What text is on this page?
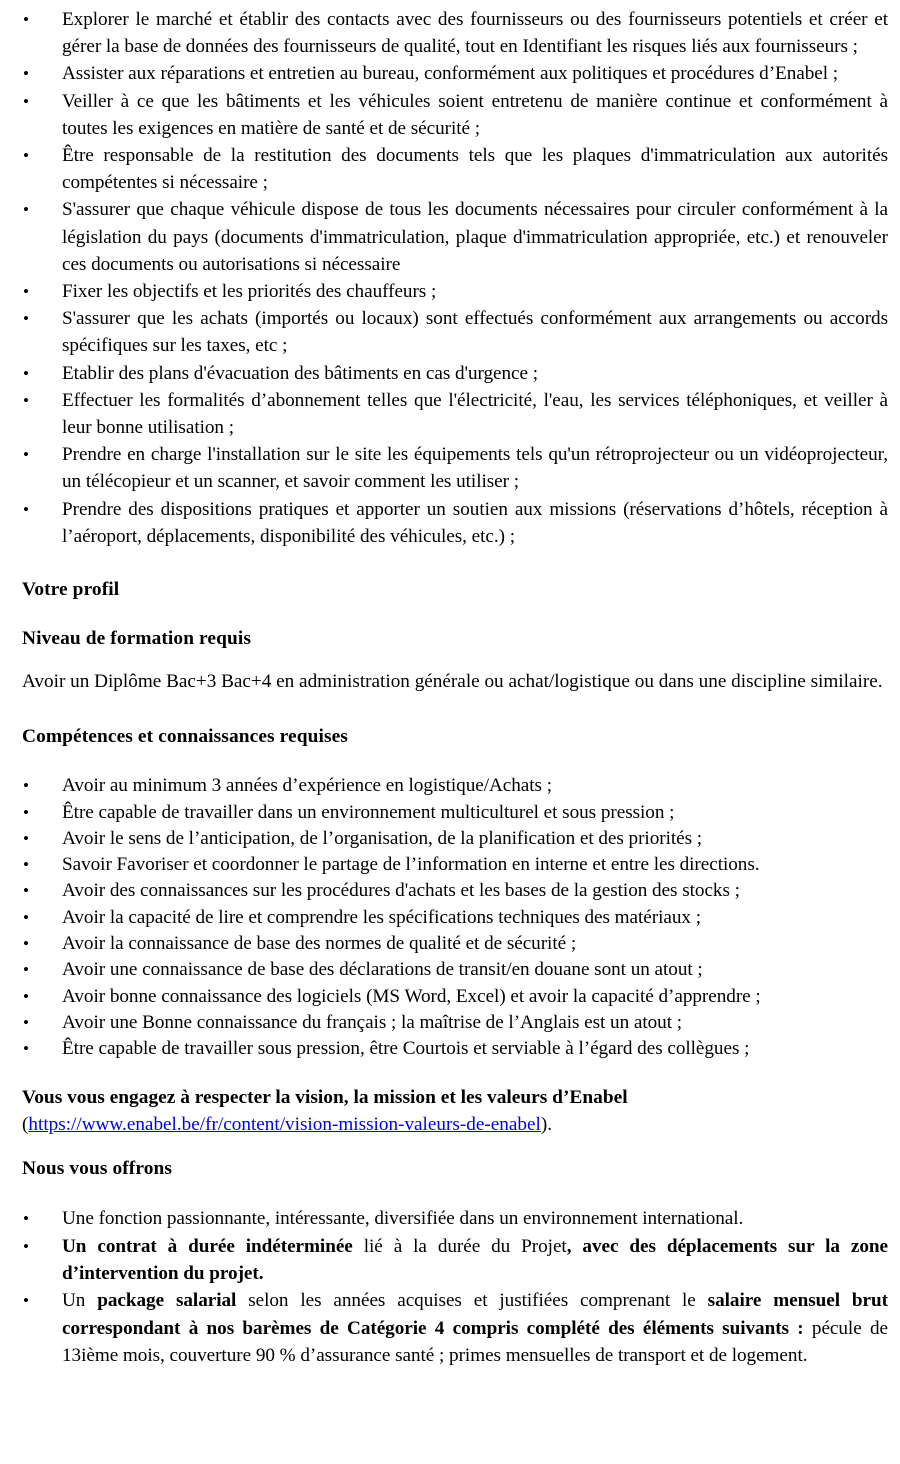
• Explorer le marché et établir des contacts avec des fournisseurs ou des fournisseurs potentiels et créer et gérer la base de données des fournisseurs de qualité, tout en Identifiant les risques liés aux fournisseurs ;
• Assister aux réparations et entretien au bureau, conformément aux politiques et procédures d’Enabel ;
• Veiller à ce que les bâtiments et les véhicules soient entretenu de manière continue et conformément à toutes les exigences en matière de santé et de sécurité ;
• Être responsable de la restitution des documents tels que les plaques d'immatriculation aux autorités compétentes si nécessaire ;
• S'assurer que chaque véhicule dispose de tous les documents nécessaires pour circuler conformément à la législation du pays (documents d'immatriculation, plaque d'immatriculation appropriée, etc.) et renouveler ces documents ou autorisations si nécessaire
• Fixer les objectifs et les priorités des chauffeurs ;
• S'assurer que les achats (importés ou locaux) sont effectués conformément aux arrangements ou accords spécifiques sur les taxes, etc ;
• Etablir des plans d'évacuation des bâtiments en cas d'urgence ;
• Effectuer les formalités d’abonnement telles que l'électricité, l'eau, les services téléphoniques, et veiller à leur bonne utilisation ;
• Prendre en charge l'installation sur le site les équipements tels qu'un rétroprojecteur ou un vidéoprojecteur, un télécopieur et un scanner, et savoir comment les utiliser ;
• Prendre des dispositions pratiques et apporter un soutien aux missions (réservations d’hôtels, réception à l’aéroport, déplacements, disponibilité des véhicules, etc.) ;
Votre profil
Niveau de formation requis

Avoir un Diplôme Bac+3 Bac+4 en administration générale ou achat/logistique ou dans une discipline similaire.

Compétences et connaissances requises
• Avoir au minimum 3 années d’expérience en logistique/Achats ;
• Être capable de travailler dans un environnement multiculturel et sous pression ;
• Avoir le sens de l’anticipation, de l’organisation, de la planification et des priorités ;
• Savoir Favoriser et coordonner le partage de l’information en interne et entre les directions.
• Avoir des connaissances sur les procédures d'achats et les bases de la gestion des stocks ;
• Avoir la capacité de lire et comprendre les spécifications techniques des matériaux ;
• Avoir la connaissance de base des normes de qualité et de sécurité ;
• Avoir une connaissance de base des déclarations de transit/en douane sont un atout ;
• Avoir bonne connaissance des logiciels (MS Word, Excel) et avoir la capacité d’apprendre ;
• Avoir une Bonne connaissance du français ; la maîtrise de l’Anglais est un atout ;
• Être capable de travailler sous pression, être Courtois et serviable à l’égard des collègues ;

Vous vous engagez à respecter la vision, la mission et les valeurs d’Enabel

(https://www.enabel.be/fr/content/vision-mission-valeurs-de-enabel).

Nous vous offrons
• Une fonction passionnante, intéressante, diversifiée dans un environnement international.
• Un contrat à durée indéterminée lié à la durée du Projet, avec des déplacements sur la zone d’intervention du projet.
• Un package salarial selon les années acquises et justifiées comprenant le salaire mensuel brut correspondant à nos barèmes de Catégorie 4 compris complété des éléments suivants : pécule de 13ième mois, couverture 90 % d’assurance santé ; primes mensuelles de transport et de logement.
